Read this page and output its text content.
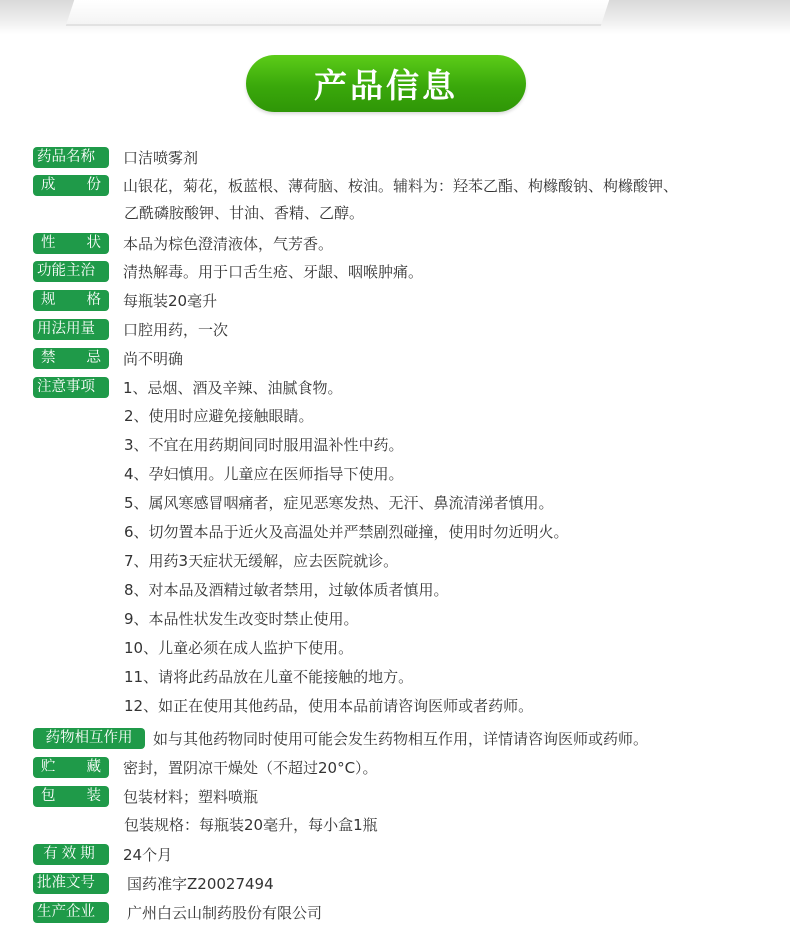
产品信息
药品名称	口洁喷雾剂
成 份 山银花，菊花，板蓝根、薄荷脑、桉油。辅料为：羟苯乙酯、枸橼酸钠、枸橼酸钾、
乙酰磷胺酸钾、甘油、香精、乙醇。
性 状 本品为棕色澄清液体，气芳香。
功能主治	清热解毒。用于口舌生疮、牙龈、咽喉肿痛。
规 格 每瓶装20毫升
用法用量	口腔用药，一次
禁 忌 尚不明确
注意事项	1、忌烟、酒及辛辣、油腻食物。
2、使用时应避免接触眼睛。
3、不宜在用药期间同时服用温补性中药。
4、孕妇慎用。儿童应在医师指导下使用。
5、属风寒感冒咽痛者，症见恶寒发热、无汗、鼻流清涕者慎用。
6、切勿置本品于近火及高温处并严禁剧烈碰撞，使用时勿近明火。
7、用药3天症状无缓解，应去医院就诊。
8、对本品及酒精过敏者禁用，过敏体质者慎用。
9、本品性状发生改变时禁止使用。
10、儿童必须在成人监护下使用。
11、请将此药品放在儿童不能接触的地方。
12、如正在使用其他药品，使用本品前请咨询医师或者药师。
药物相互作用	如与其他药物同时使用可能会发生药物相互作用，详情请咨询医师或药师。
贮 藏 密封，置阴凉干燥处（不超过20°C）。
包 装 包装材料；塑料喷瓶
包装规格：每瓶装20毫升，每小盒1瓶
有效期	24个月
批准文号	国药准字Z20027494
生产企业	广州白云山制药股份有限公司
